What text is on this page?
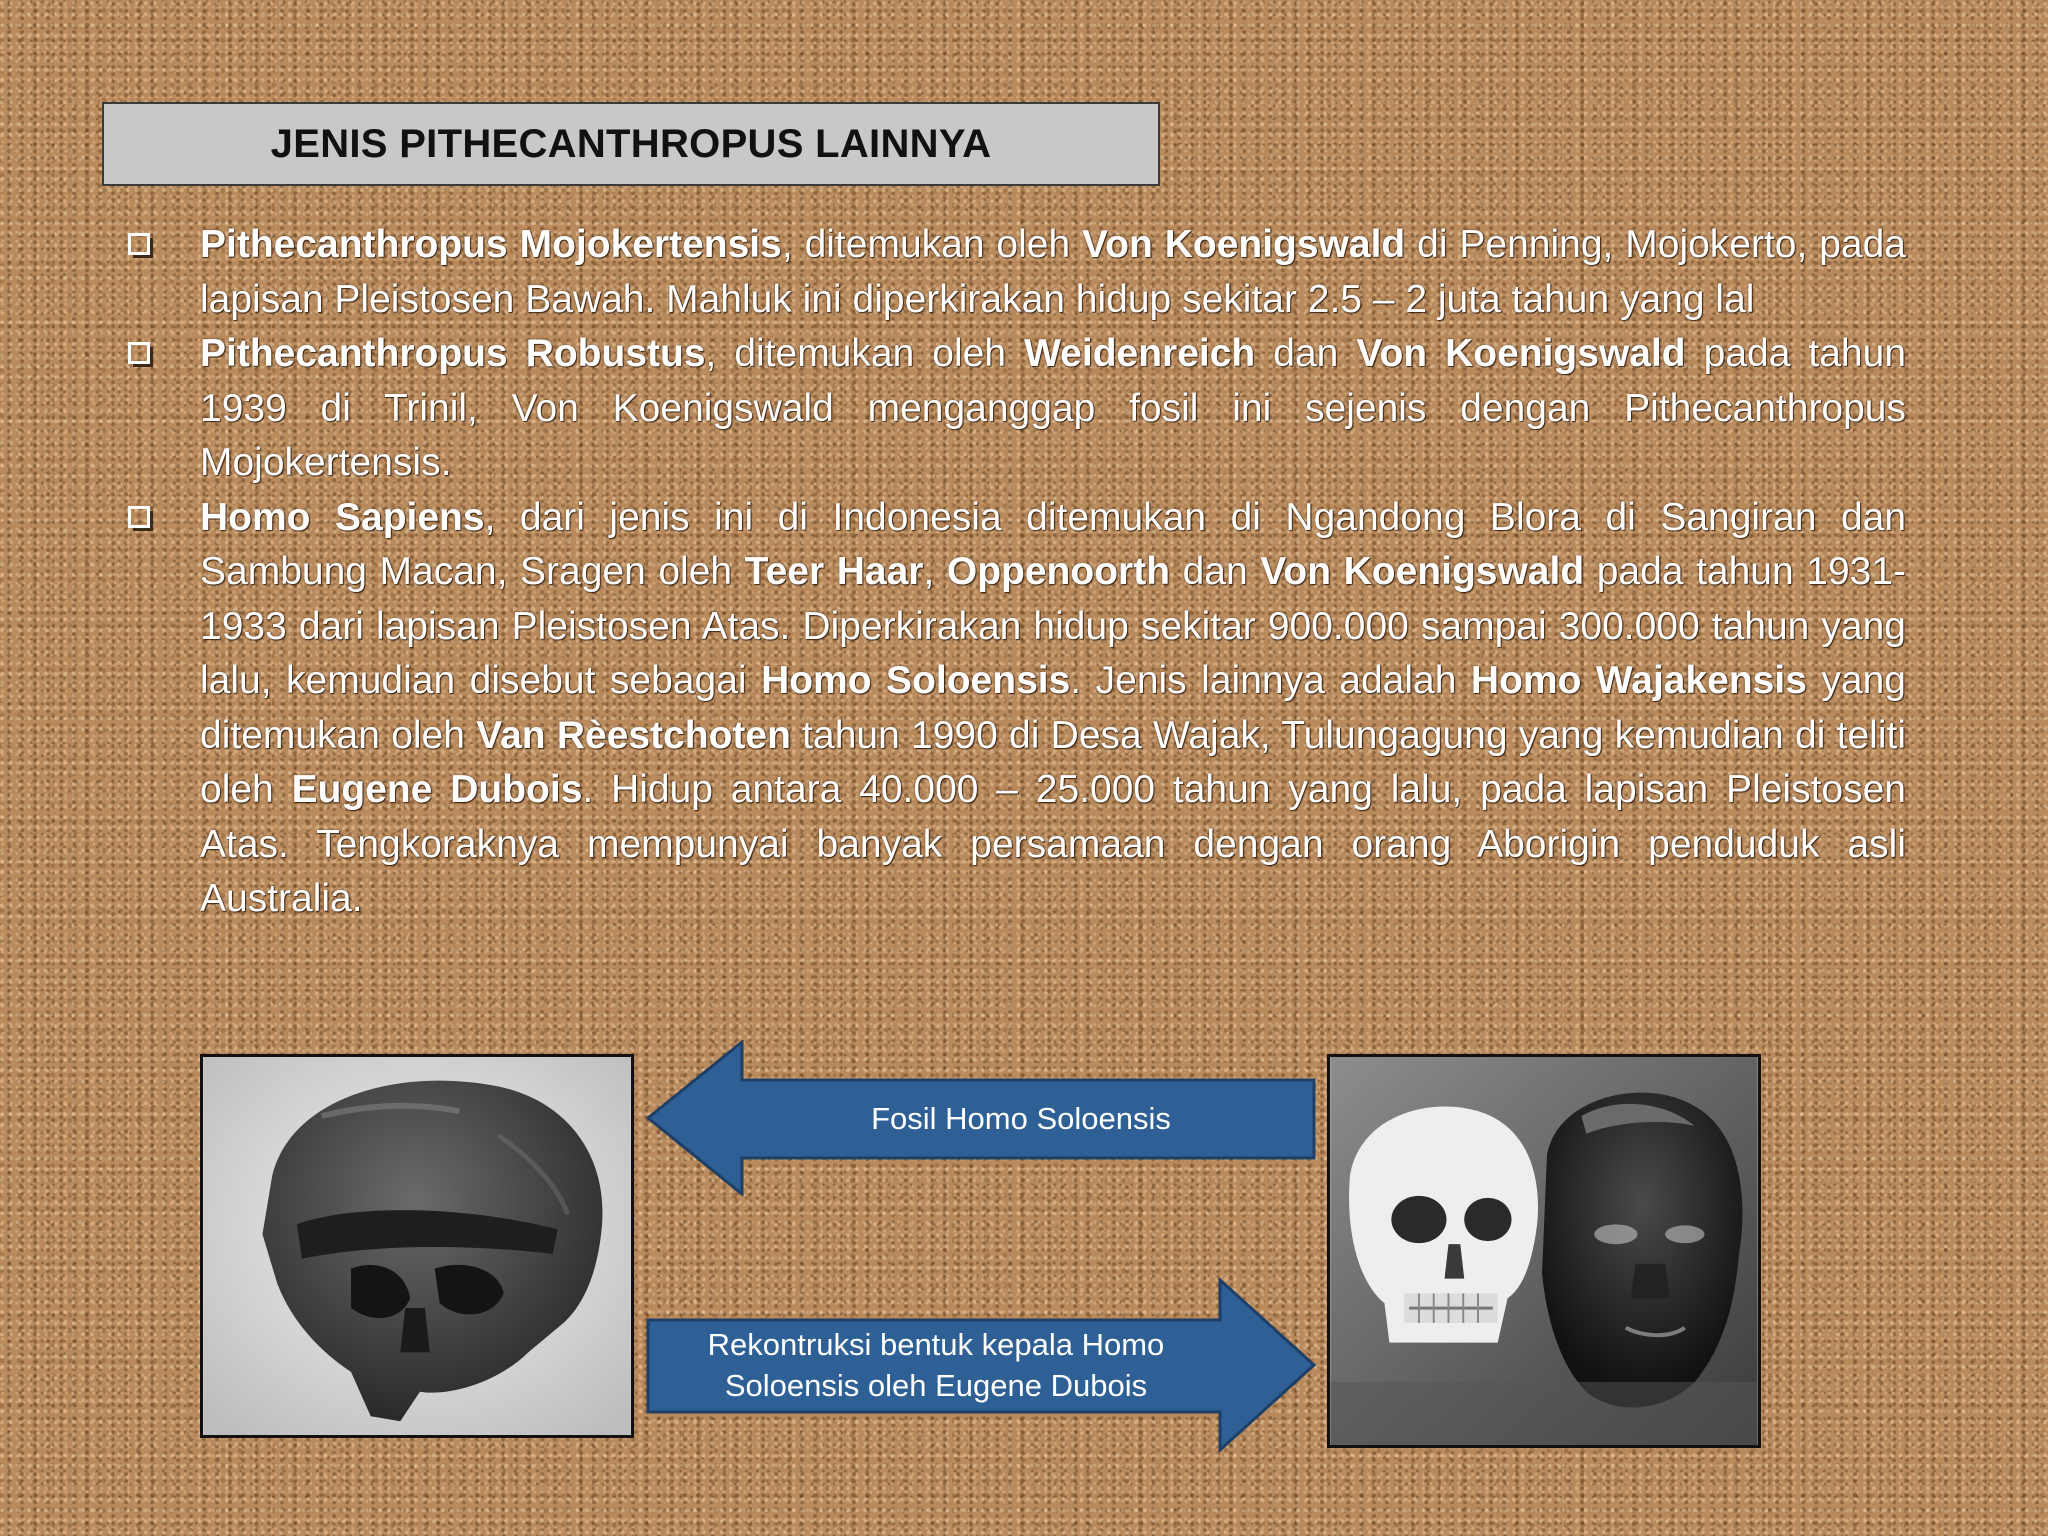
JENIS PITHECANTHROPUS LAINNYA
Pithecanthropus Mojokertensis, ditemukan oleh Von Koenigswald di Penning, Mojokerto, pada lapisan Pleistosen Bawah. Mahluk ini diperkirakan hidup sekitar 2.5 – 2 juta tahun yang lal
Pithecanthropus Robustus, ditemukan oleh Weidenreich dan Von Koenigswald pada tahun 1939 di Trinil, Von Koenigswald menganggap fosil ini sejenis dengan Pithecanthropus Mojokertensis.
Homo Sapiens, dari jenis ini di Indonesia ditemukan di Ngandong Blora di Sangiran dan Sambung Macan, Sragen oleh Teer Haar, Oppenoorth dan Von Koenigswald pada tahun 1931-1933 dari lapisan Pleistosen Atas. Diperkirakan hidup sekitar 900.000 sampai 300.000 tahun yang lalu, kemudian disebut sebagai Homo Soloensis. Jenis lainnya adalah Homo Wajakensis yang ditemukan oleh Van Rèestchoten tahun 1990 di Desa Wajak, Tulungagung yang kemudian di teliti oleh Eugene Dubois. Hidup antara 40.000 – 25.000 tahun yang lalu, pada lapisan Pleistosen Atas. Tengkoraknya mempunyai banyak persamaan dengan orang Aborigin penduduk asli Australia.
Fosil Homo Soloensis
Rekontruksi bentuk kepala Homo
Soloensis oleh Eugene Dubois
